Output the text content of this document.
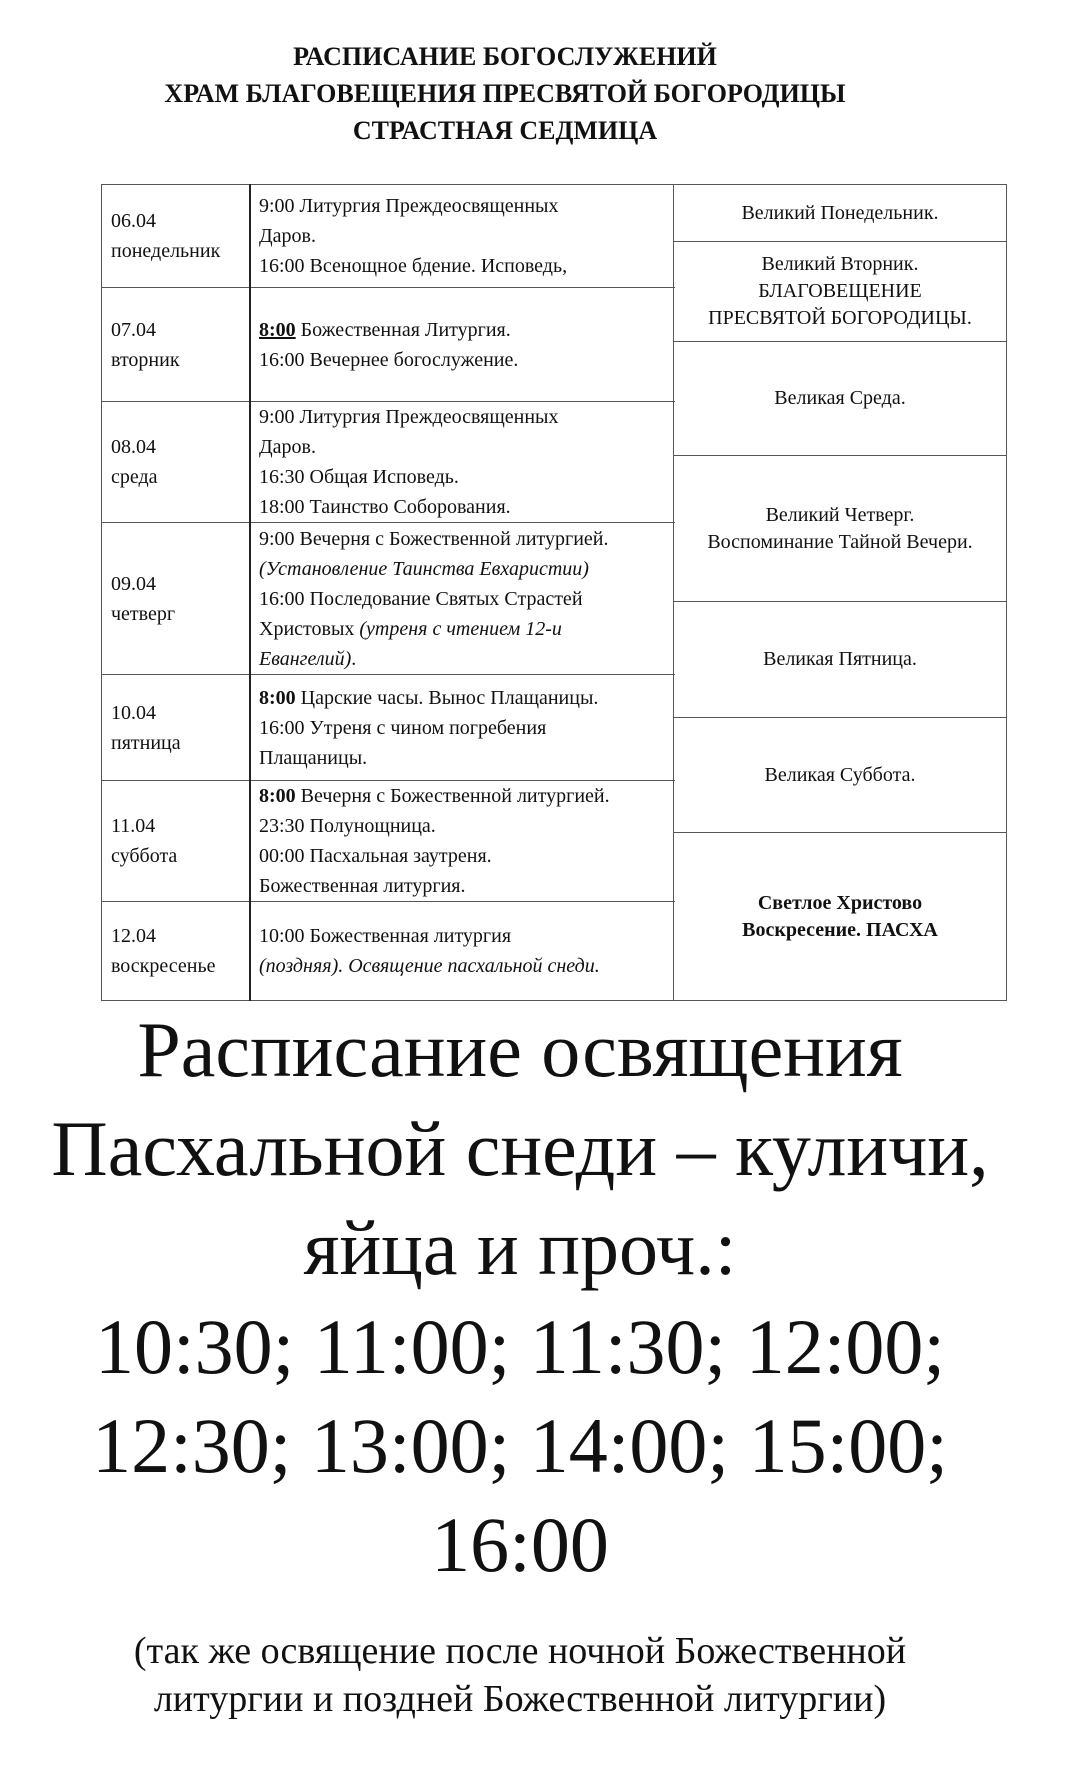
РАСПИСАНИЕ БОГОСЛУЖЕНИЙ
ХРАМ БЛАГОВЕЩЕНИЯ ПРЕСВЯТОЙ БОГОРОДИЦЫ
СТРАСТНАЯ СЕДМИЦА
06.04
понедельник
07.04
вторник
08.04
среда
09.04
четверг
10.04
пятница
11.04
суббота
12.04
воскресенье
9:00 Литургия Преждеосвященных
Даров.
16:00 Всенощное бдение. Исповедь,
8:00 Божественная Литургия.
16:00 Вечернее богослужение.
9:00 Литургия Преждеосвященных
Даров.
16:30 Общая Исповедь.
18:00 Таинство Соборования.
9:00 Вечерня с Божественной литургией.
(Установление Таинства Евхаристии)
16:00 Последование Святых Страстей
Христовых (утреня с чтением 12-и
Евангелий).
8:00 Царские часы. Вынос Плащаницы.
16:00 Утреня с чином погребения
Плащаницы.
8:00 Вечерня с Божественной литургией.
23:30 Полунощница.
00:00 Пасхальная заутреня.
Божественная литургия.
10:00 Божественная литургия
(поздняя). Освящение пасхальной снеди.
Великий Понедельник.
Великий Вторник.
БЛАГОВЕЩЕНИЕ
ПРЕСВЯТОЙ БОГОРОДИЦЫ.
Великая Среда.
Великий Четверг.
Воспоминание Тайной Вечери.
Великая Пятница.
Великая Суббота.
Светлое Христово
Воскресение. ПАСХА
Расписание освящения
Пасхальной снеди – куличи,
яйца и проч.:
10:30; 11:00; 11:30; 12:00;
12:30; 13:00; 14:00; 15:00;
16:00
(так же освящение после ночной Божественной
литургии и поздней Божественной литургии)
